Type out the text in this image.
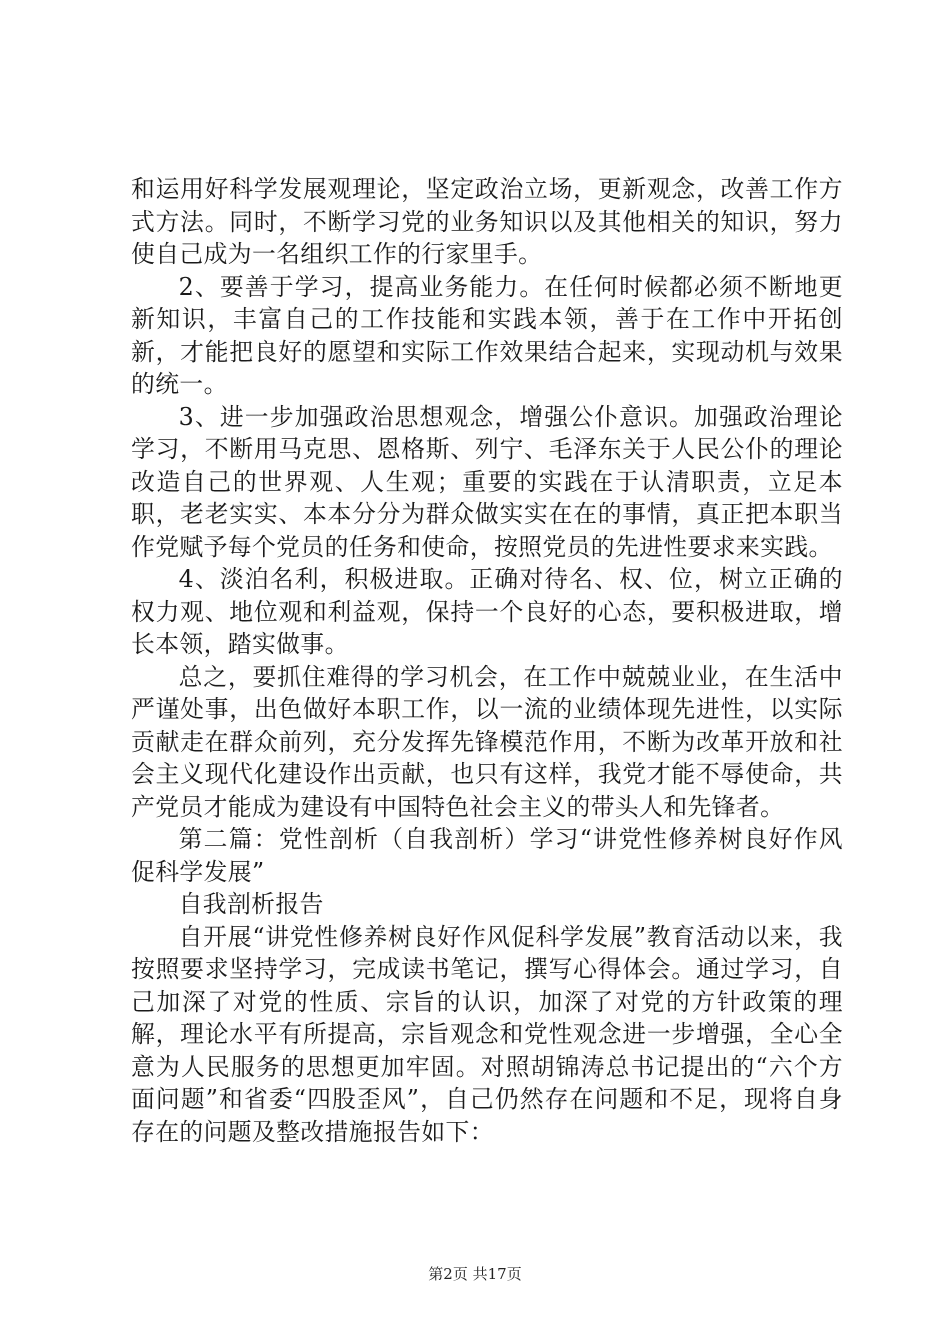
和运用好科学发展观理论，坚定政治立场，更新观念，改善工作方式方法。同时，不断学习党的业务知识以及其他相关的知识，努力使自己成为一名组织工作的行家里手。

2、要善于学习，提高业务能力。在任何时候都必须不断地更新知识，丰富自己的工作技能和实践本领，善于在工作中开拓创新，才能把良好的愿望和实际工作效果结合起来，实现动机与效果的统一。

3、进一步加强政治思想观念，增强公仆意识。加强政治理论学习，不断用马克思、恩格斯、列宁、毛泽东关于人民公仆的理论改造自己的世界观、人生观；重要的实践在于认清职责，立足本职，老老实实、本本分分为群众做实实在在的事情，真正把本职当作党赋予每个党员的任务和使命，按照党员的先进性要求来实践。

4、淡泊名利，积极进取。正确对待名、权、位，树立正确的权力观、地位观和利益观，保持一个良好的心态，要积极进取，增长本领，踏实做事。

总之，要抓住难得的学习机会，在工作中兢兢业业，在生活中严谨处事，出色做好本职工作，以一流的业绩体现先进性，以实际贡献走在群众前列，充分发挥先锋模范作用，不断为改革开放和社会主义现代化建设作出贡献，也只有这样，我党才能不辱使命，共产党员才能成为建设有中国特色社会主义的带头人和先锋者。

第二篇：党性剖析（自我剖析）学习“讲党性修养树良好作风促科学发展”

自我剖析报告

自开展“讲党性修养树良好作风促科学发展”教育活动以来，我按照要求坚持学习，完成读书笔记，撰写心得体会。通过学习，自己加深了对党的性质、宗旨的认识，加深了对党的方针政策的理解，理论水平有所提高，宗旨观念和党性观念进一步增强，全心全意为人民服务的思想更加牢固。对照胡锦涛总书记提出的“六个方面问题”和省委“四股歪风”，自己仍然存在问题和不足，现将自身存在的问题及整改措施报告如下：

第2页 共17页
